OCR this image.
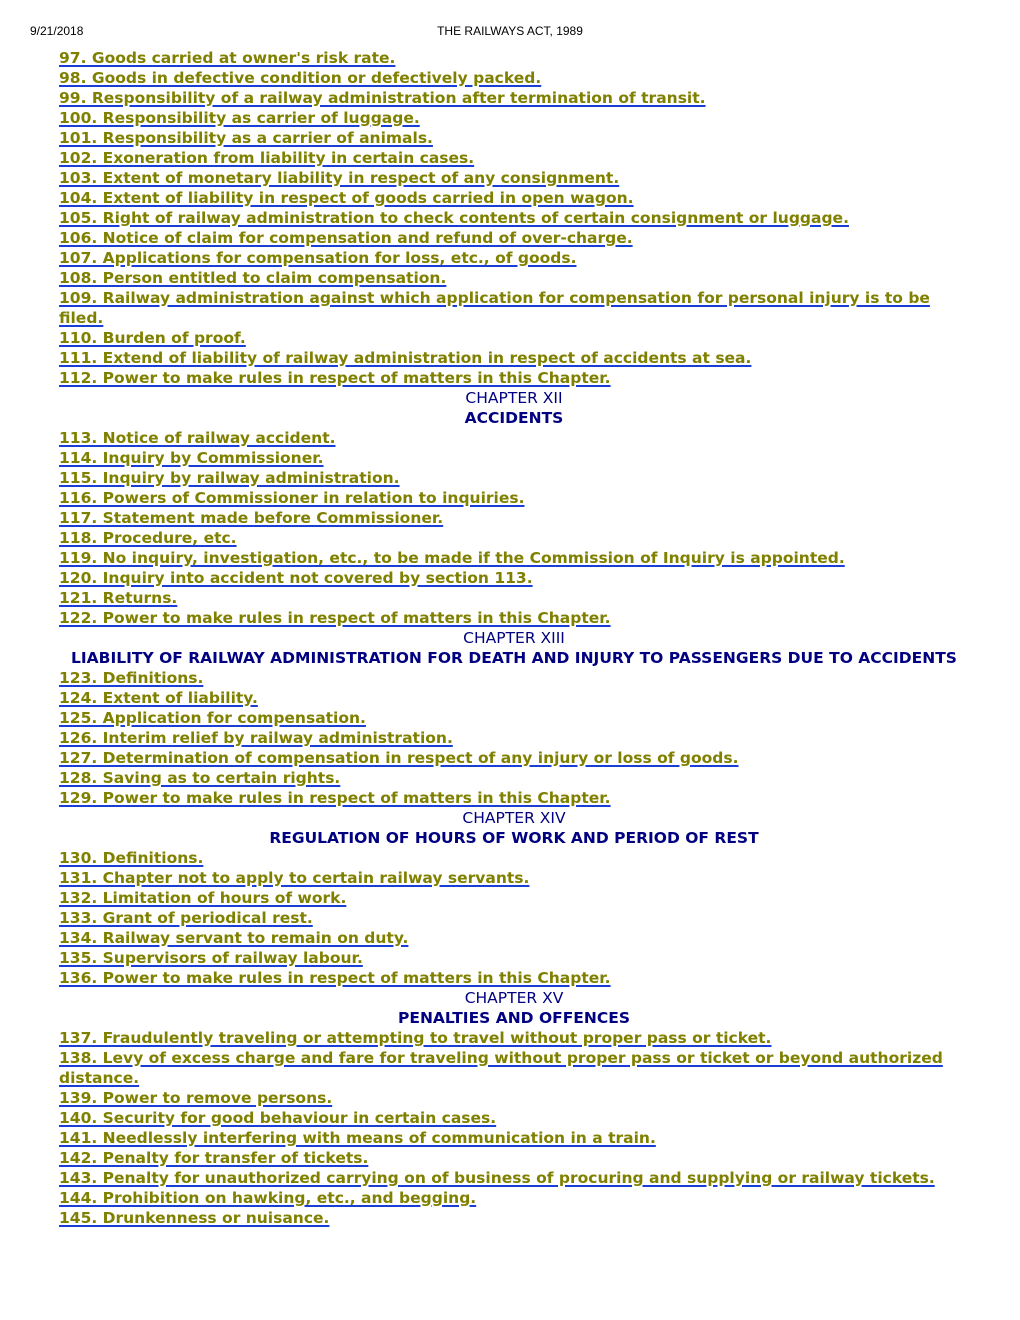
9/21/2018	THE RAILWAYS ACT, 1989
97. Goods carried at owner's risk rate.
98. Goods in defective condition or defectively packed.
99. Responsibility of a railway administration after termination of transit.
100. Responsibility as carrier of luggage.
101. Responsibility as a carrier of animals.
102. Exoneration from liability in certain cases.
103. Extent of monetary liability in respect of any consignment.
104. Extent of liability in respect of goods carried in open wagon.
105. Right of railway administration to check contents of certain consignment or luggage.
106. Notice of claim for compensation and refund of over-charge.
107. Applications for compensation for loss, etc., of goods.
108. Person entitled to claim compensation.
109. Railway administration against which application for compensation for personal injury is to be filed.
110. Burden of proof.
111. Extend of liability of railway administration in respect of accidents at sea.
112. Power to make rules in respect of matters in this Chapter.
CHAPTER XII
ACCIDENTS
113. Notice of railway accident.
114. Inquiry by Commissioner.
115. Inquiry by railway administration.
116. Powers of Commissioner in relation to inquiries.
117. Statement made before Commissioner.
118. Procedure, etc.
119. No inquiry, investigation, etc., to be made if the Commission of Inquiry is appointed.
120. Inquiry into accident not covered by section 113.
121. Returns.
122. Power to make rules in respect of matters in this Chapter.
CHAPTER XIII
LIABILITY OF RAILWAY ADMINISTRATION FOR DEATH AND INJURY TO PASSENGERS DUE TO ACCIDENTS
123. Definitions.
124. Extent of liability.
125. Application for compensation.
126. Interim relief by railway administration.
127. Determination of compensation in respect of any injury or loss of goods.
128. Saving as to certain rights.
129. Power to make rules in respect of matters in this Chapter.
CHAPTER XIV
REGULATION OF HOURS OF WORK AND PERIOD OF REST
130. Definitions.
131. Chapter not to apply to certain railway servants.
132. Limitation of hours of work.
133. Grant of periodical rest.
134. Railway servant to remain on duty.
135. Supervisors of railway labour.
136. Power to make rules in respect of matters in this Chapter.
CHAPTER XV
PENALTIES AND OFFENCES
137. Fraudulently traveling or attempting to travel without proper pass or ticket.
138. Levy of excess charge and fare for traveling without proper pass or ticket or beyond authorized distance.
139. Power to remove persons.
140. Security for good behaviour in certain cases.
141. Needlessly interfering with means of communication in a train.
142. Penalty for transfer of tickets.
143. Penalty for unauthorized carrying on of business of procuring and supplying or railway tickets.
144. Prohibition on hawking, etc., and begging.
145. Drunkenness or nuisance.
